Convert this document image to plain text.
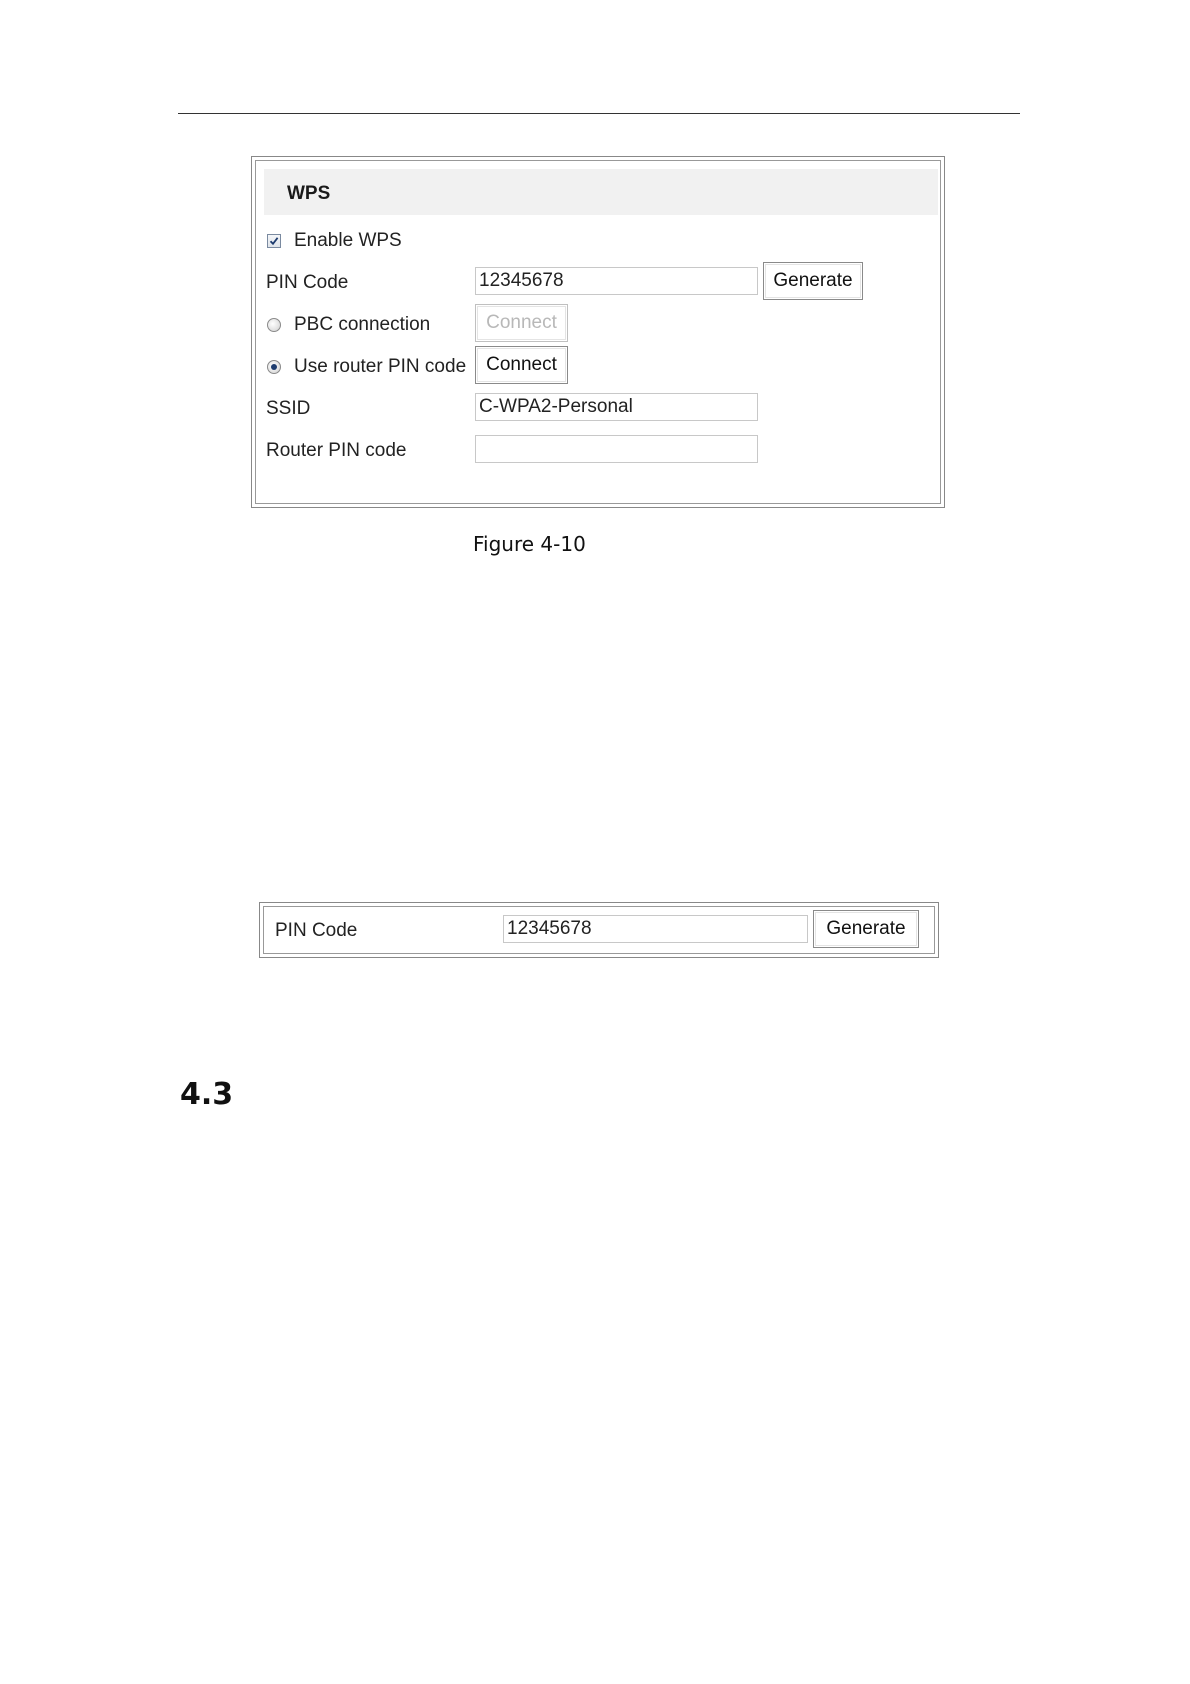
WPS
Enable WPS
PIN Code	12345678	Generate
PBC connection	Connect
Use router PIN code	Connect
SSID	C-WPA2-Personal
Router PIN code
Figure 4-10
PIN Code	12345678	Generate
4.3
